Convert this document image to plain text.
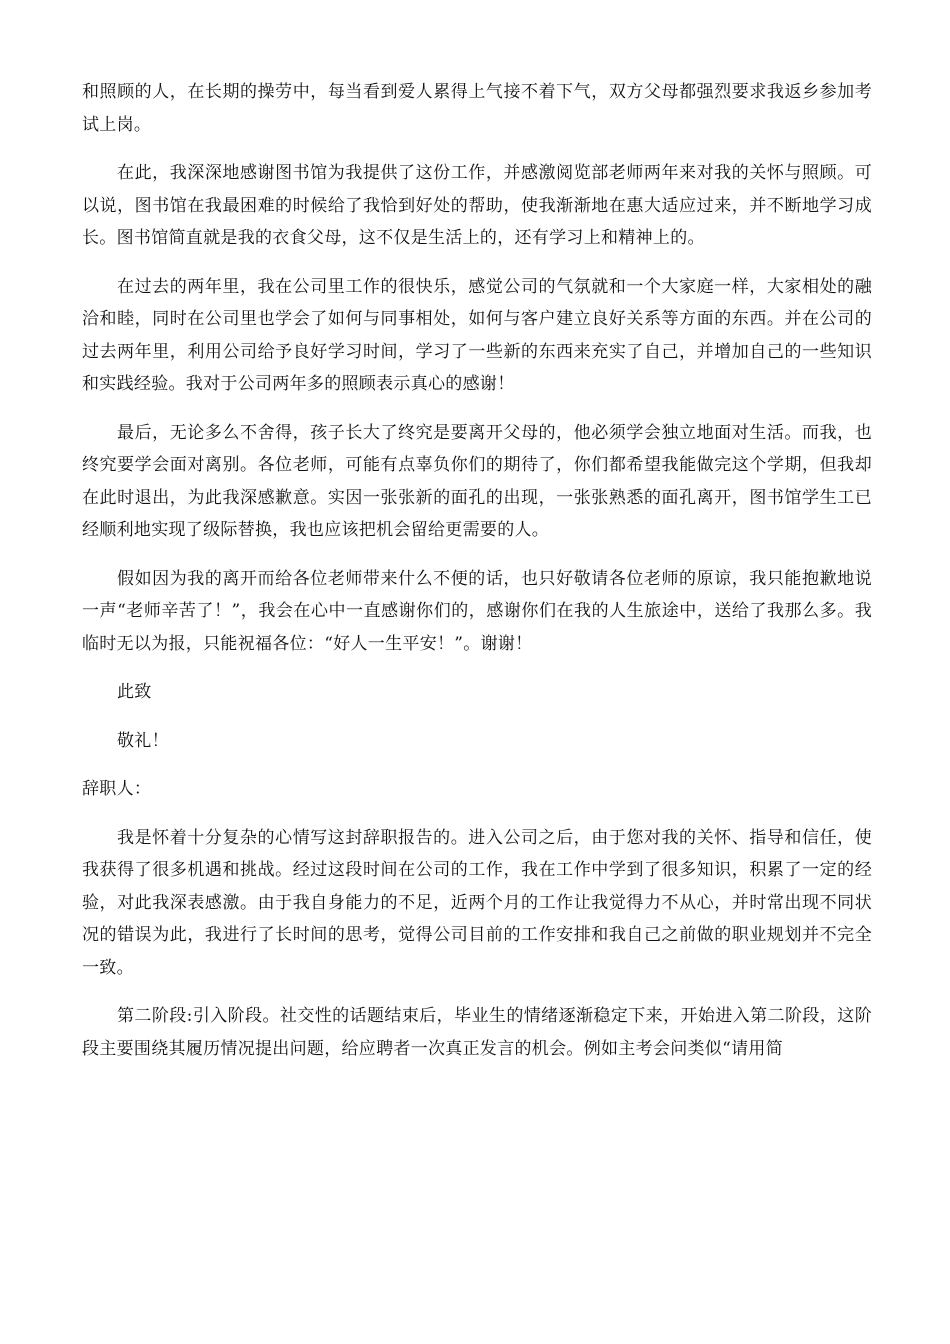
和照顾的人，在长期的操劳中，每当看到爱人累得上气接不着下气，双方父母都强烈要求我返乡参加考试上岗。

在此，我深深地感谢图书馆为我提供了这份工作，并感激阅览部老师两年来对我的关怀与照顾。可以说，图书馆在我最困难的时候给了我恰到好处的帮助，使我渐渐地在惠大适应过来，并不断地学习成长。图书馆简直就是我的衣食父母，这不仅是生活上的，还有学习上和精神上的。

在过去的两年里，我在公司里工作的很快乐，感觉公司的气氛就和一个大家庭一样，大家相处的融洽和睦，同时在公司里也学会了如何与同事相处，如何与客户建立良好关系等方面的东西。并在公司的过去两年里，利用公司给予良好学习时间，学习了一些新的东西来充实了自己，并增加自己的一些知识和实践经验。我对于公司两年多的照顾表示真心的感谢！

最后，无论多么不舍得，孩子长大了终究是要离开父母的，他必须学会独立地面对生活。而我，也终究要学会面对离别。各位老师，可能有点辜负你们的期待了，你们都希望我能做完这个学期，但我却在此时退出，为此我深感歉意。实因一张张新的面孔的出现，一张张熟悉的面孔离开，图书馆学生工已经顺利地实现了级际替换，我也应该把机会留给更需要的人。

假如因为我的离开而给各位老师带来什么不便的话，也只好敬请各位老师的原谅，我只能抱歉地说一声“老师辛苦了！”，我会在心中一直感谢你们的，感谢你们在我的人生旅途中，送给了我那么多。我临时无以为报，只能祝福各位：“好人一生平安！”。谢谢！

此致

敬礼！

辞职人：

我是怀着十分复杂的心情写这封辞职报告的。进入公司之后，由于您对我的关怀、指导和信任，使我获得了很多机遇和挑战。经过这段时间在公司的工作，我在工作中学到了很多知识，积累了一定的经验，对此我深表感激。由于我自身能力的不足，近两个月的工作让我觉得力不从心，并时常出现不同状况的错误为此，我进行了长时间的思考，觉得公司目前的工作安排和我自己之前做的职业规划并不完全一致。

第二阶段:引入阶段。社交性的话题结束后，毕业生的情绪逐渐稳定下来，开始进入第二阶段，这阶段主要围绕其履历情况提出问题，给应聘者一次真正发言的机会。例如主考会问类似“请用简
